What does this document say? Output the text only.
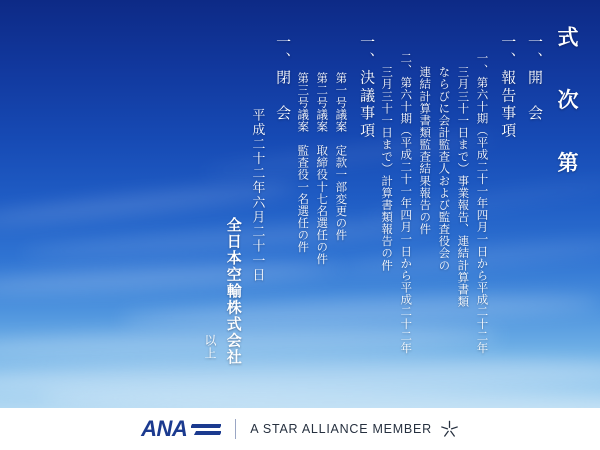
式 次 第
一、開　会
一、報告事項
一、第六十期（平成二十一年四月一日から平成二十二年
三月三十一日まで）事業報告、連結計算書類
ならびに会計監査人および監査役会の
連結計算書類監査結果報告の件
二、第六十期（平成二十一年四月一日から平成二十二年
三月三十一日まで）計算書類報告の件
一、決議事項
第一号議案　定款一部変更の件
第二号議案　取締役十七名選任の件
第三号議案　監査役一名選任の件
一、閉　会
平成二十二年六月二十一日
全日本空輸株式会社
以上
ANA	A STAR ALLIANCE MEMBER
